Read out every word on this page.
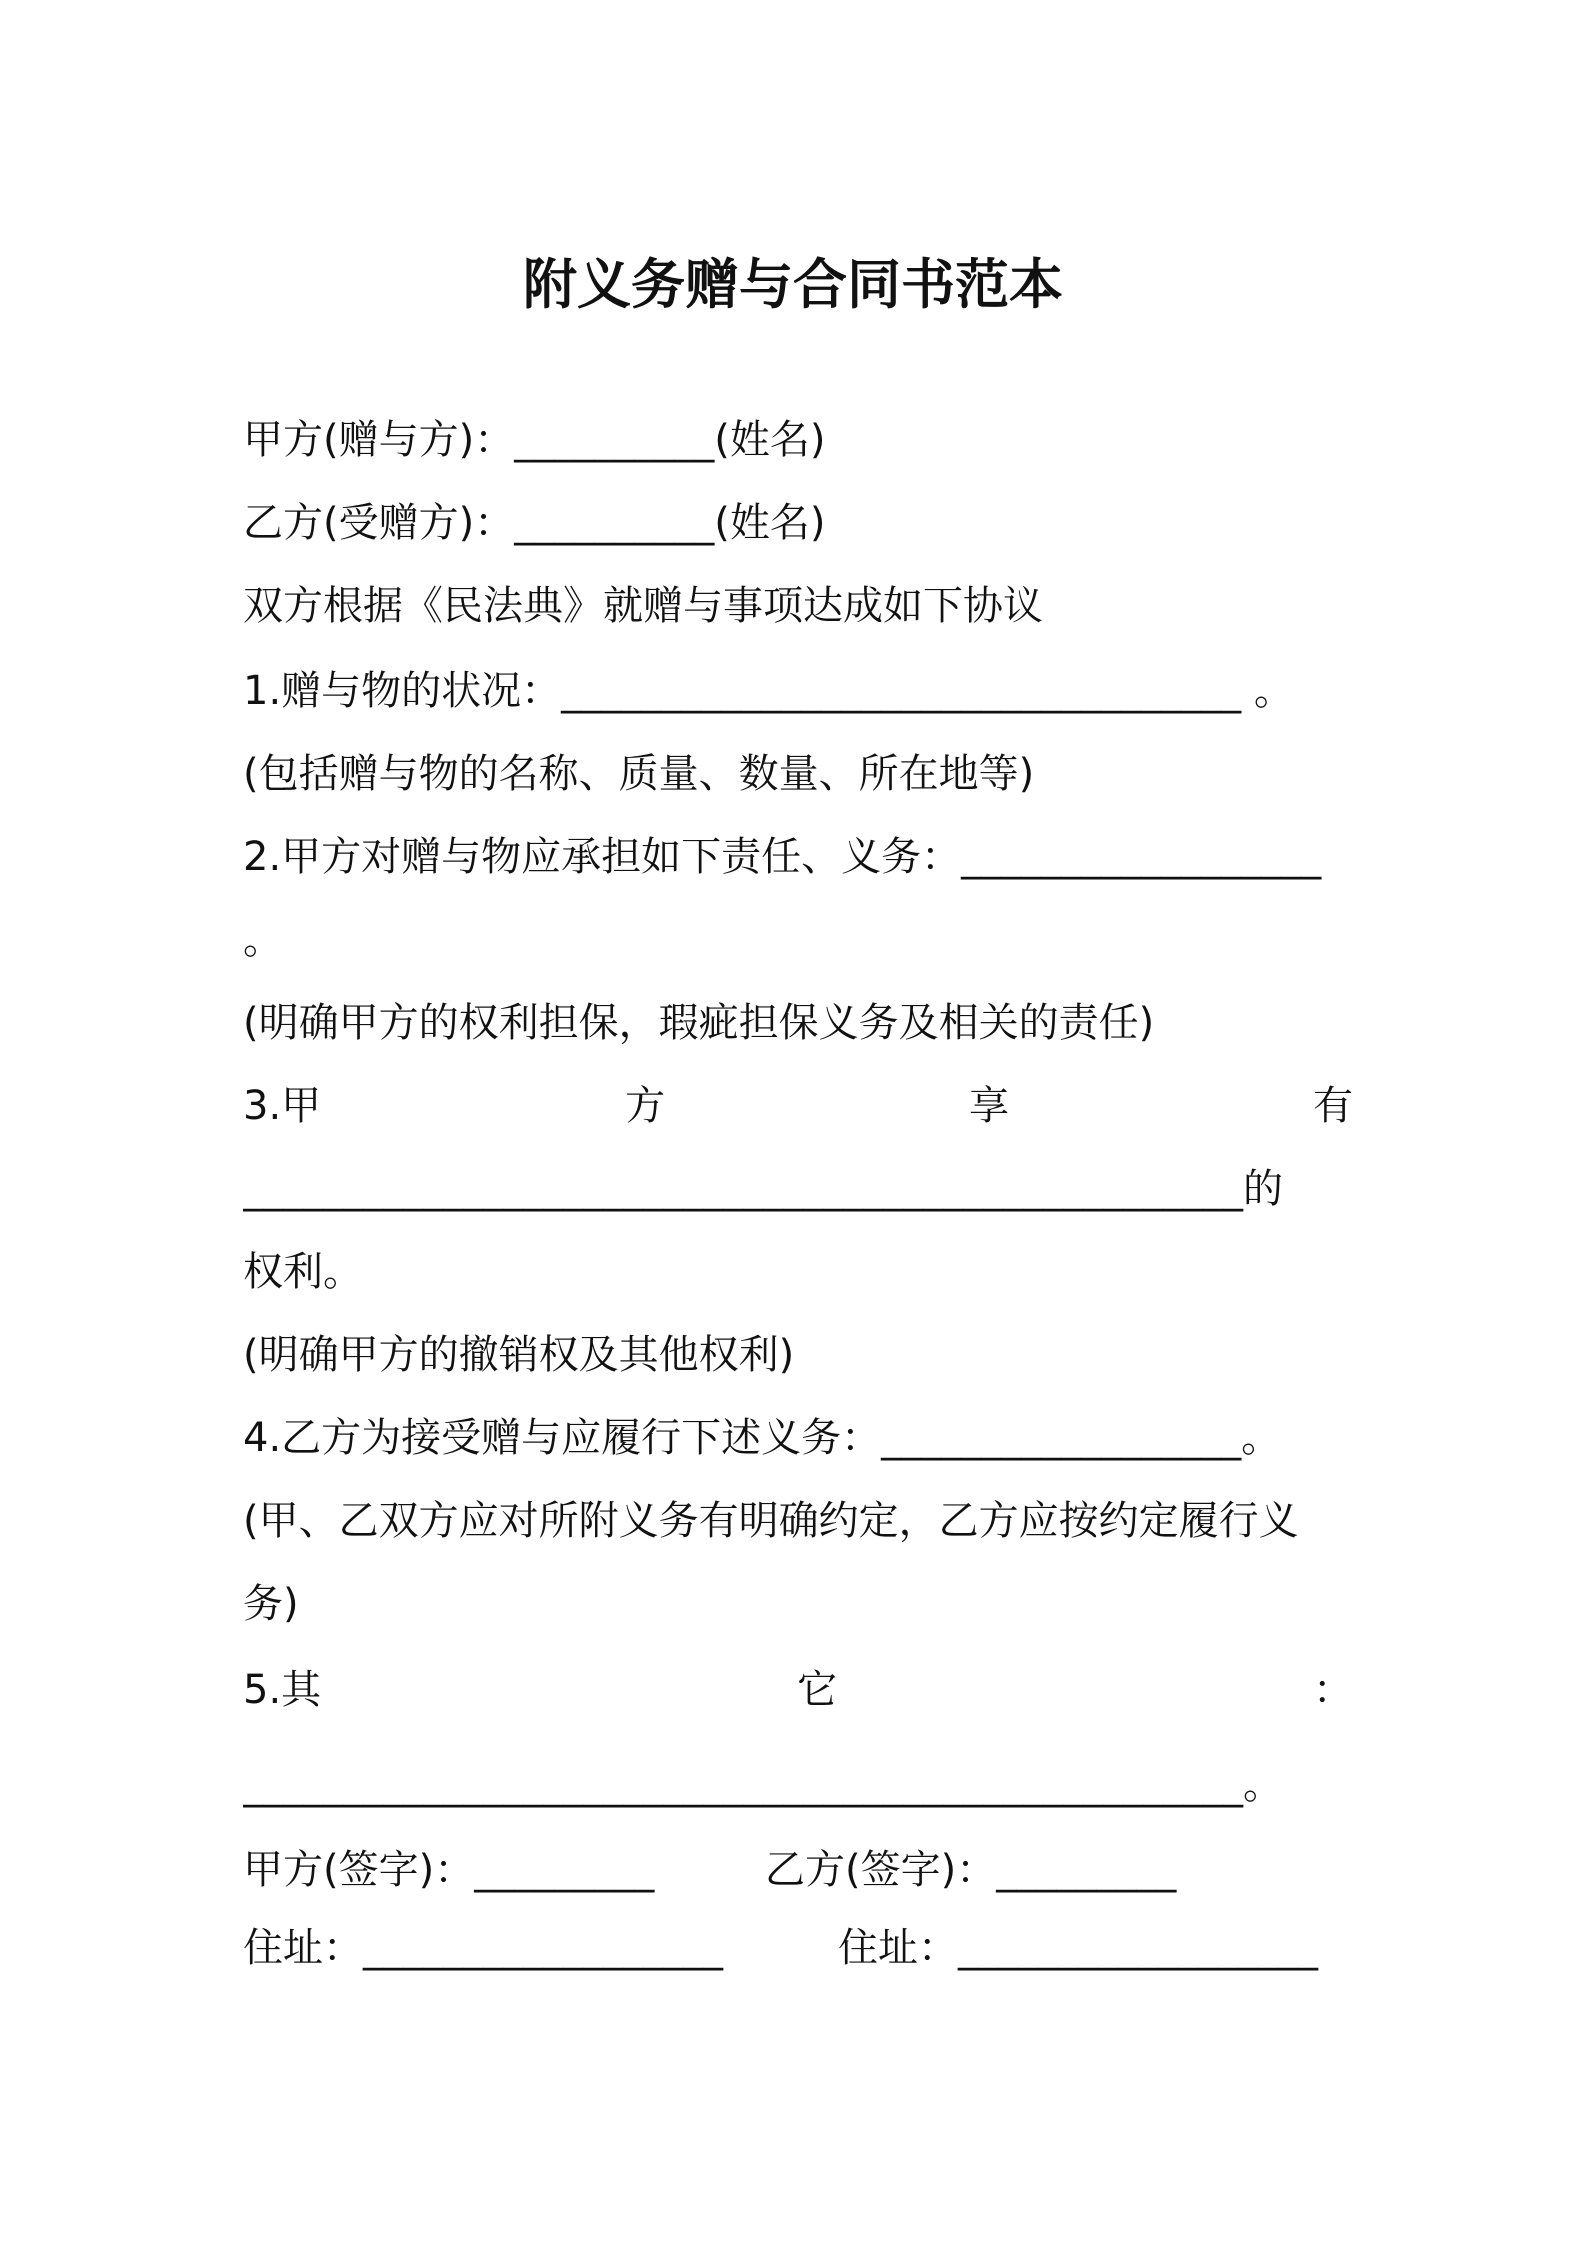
附义务赠与合同书范本
甲方(赠与方)：__________(姓名)
乙方(受赠方)：__________(姓名)
双方根据《民法典》就赠与事项达成如下协议
1.赠与物的状况：__________________________________ 。
(包括赠与物的名称、质量、数量、所在地等)
2.甲方对赠与物应承担如下责任、义务：__________________
。
(明确甲方的权利担保，瑕疵担保义务及相关的责任)
3.甲	方	享	有
__________________________________________________的
权利。
(明确甲方的撤销权及其他权利)
4.乙方为接受赠与应履行下述义务：__________________。
(甲、乙双方应对所附义务有明确约定，乙方应按约定履行义
务)
5.其	它	：
__________________________________________________。
甲方(签字)：_________	乙方(签字)：_________
住址：__________________	住址：__________________
